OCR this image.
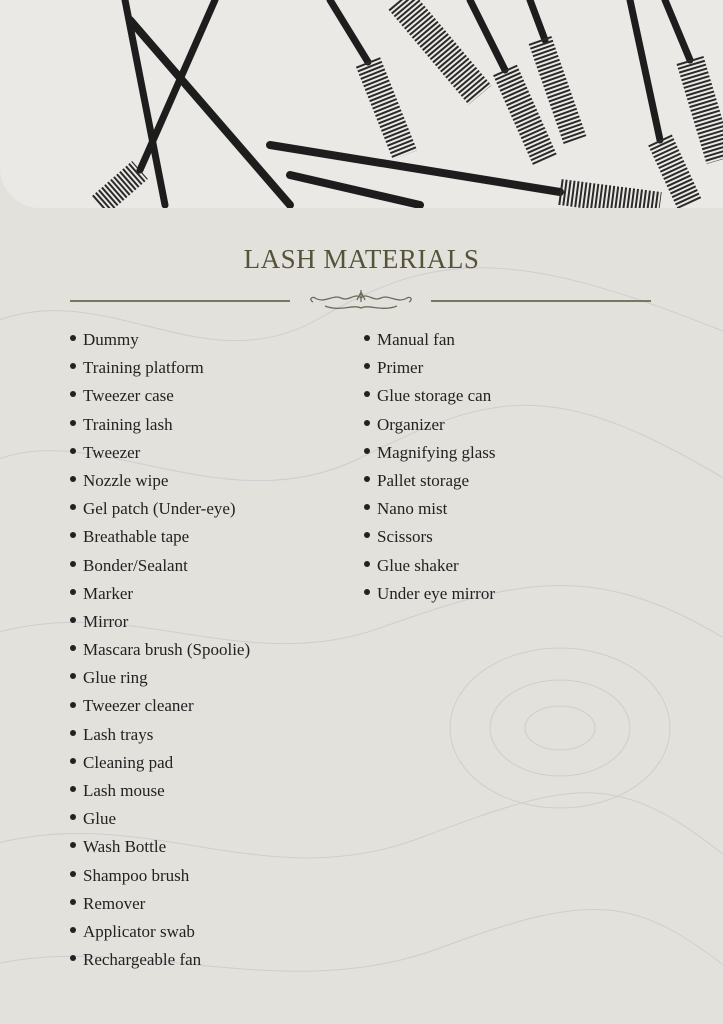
LASH MATERIALS
Dummy
Training platform
Tweezer case
Training lash
Tweezer
Nozzle wipe
Gel patch (Under-eye)
Breathable tape
Bonder/Sealant
Marker
Mirror
Mascara brush (Spoolie)
Glue ring
Tweezer cleaner
Lash trays
Cleaning pad
Lash mouse
Glue
Wash Bottle
Shampoo brush
Remover
Applicator swab
Rechargeable fan
Manual fan
Primer
Glue storage can
Organizer
Magnifying glass
Pallet storage
Nano mist
Scissors
Glue shaker
Under eye mirror
